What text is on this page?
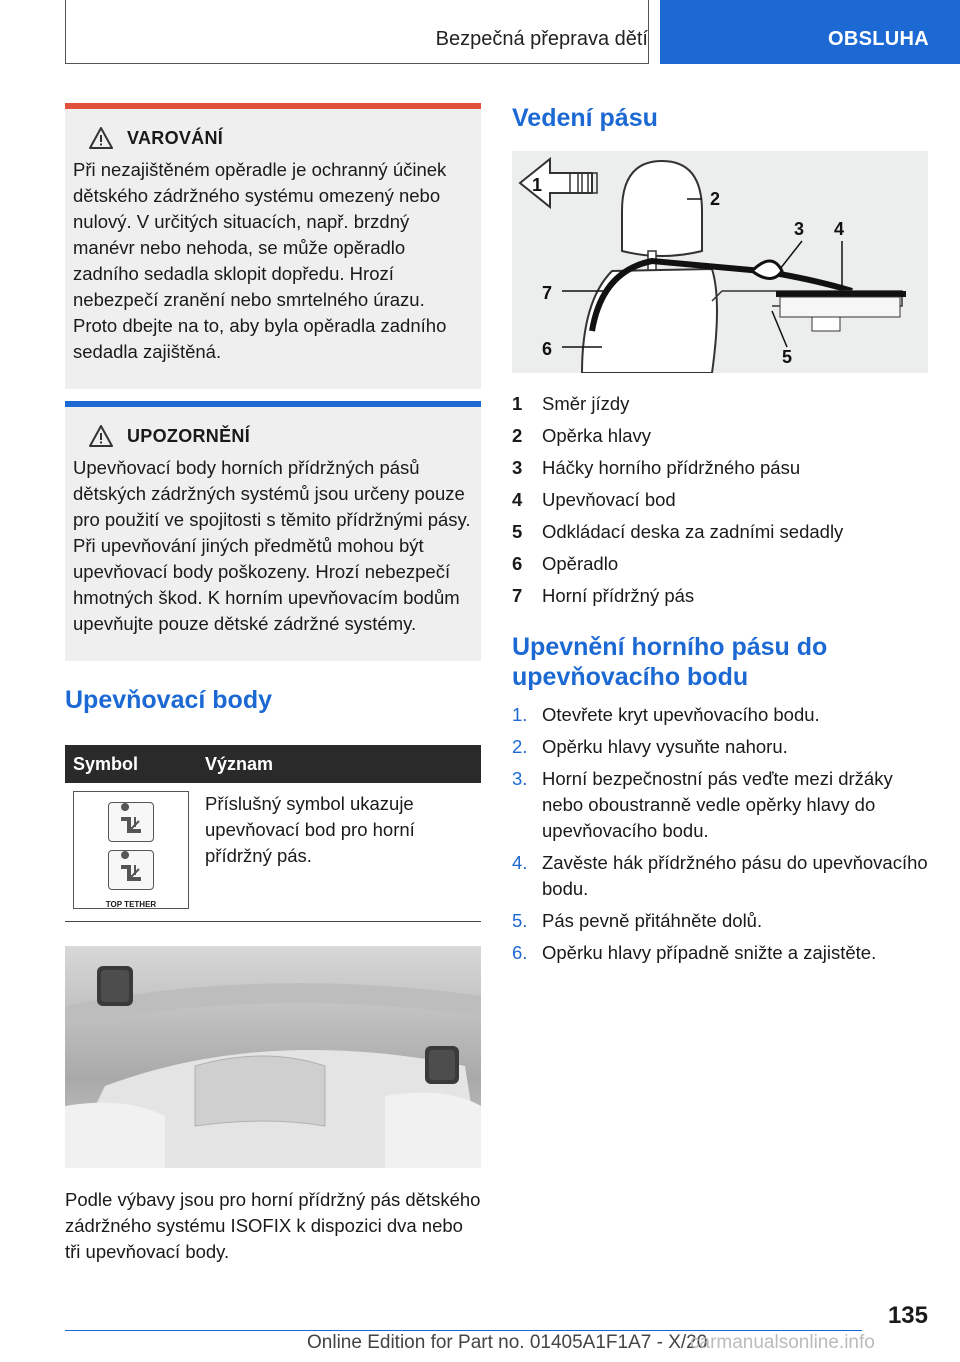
Bezpečná přeprava dětí	OBSLUHA
VAROVÁNÍ
Při nezajištěném opěradle je ochranný účinek dětského zádržného systému omezený nebo nulový. V určitých situacích, např. brzdný manévr nebo nehoda, se může opěradlo zadního sedadla sklopit dopředu. Hrozí nebezpečí zranění nebo smrtelného úrazu. Proto dbejte na to, aby byla opěradla zadního sedadla zajištěná.
UPOZORNĚNÍ
Upevňovací body horních přídržných pásů dětských zádržných systémů jsou určeny pouze pro použití ve spojitosti s těmito přídržnými pásy. Při upevňování jiných předmětů mohou být upevňovací body poškozeny. Hrozí nebezpečí hmotných škod. K horním upevňovacím bodům upevňujte pouze dětské zádržné systémy.
Upevňovací body
Symbol	Význam

TOP TETHER	Příslušný symbol ukazuje upevňovací bod pro horní přídržný pás.
Podle výbavy jsou pro horní přídržný pás dětského zádržného systému ISOFIX k dispozici dva nebo tři upevňovací body.
Vedení pásu
1
2
3 4
5
6
7
1	Směr jízdy
2	Opěrka hlavy
3	Háčky horního přídržného pásu
4	Upevňovací bod
5	Odkládací deska za zadními sedadly
6	Opěradlo
7	Horní přídržný pás
Upevnění horního pásu do upevňovacího bodu
1. Otevřete kryt upevňovacího bodu.
2. Opěrku hlavy vysuňte nahoru.
3. Horní bezpečnostní pás veďte mezi držáky nebo oboustranně vedle opěrky hlavy do upevňovacího bodu.
4. Zavěste hák přídržného pásu do upevňovacího bodu.
5. Pás pevně přitáhněte dolů.
6. Opěrku hlavy případně snižte a zajistěte.
135
Online Edition for Part no. 01405A1F1A7 - X/20
carmanualsonline.info
